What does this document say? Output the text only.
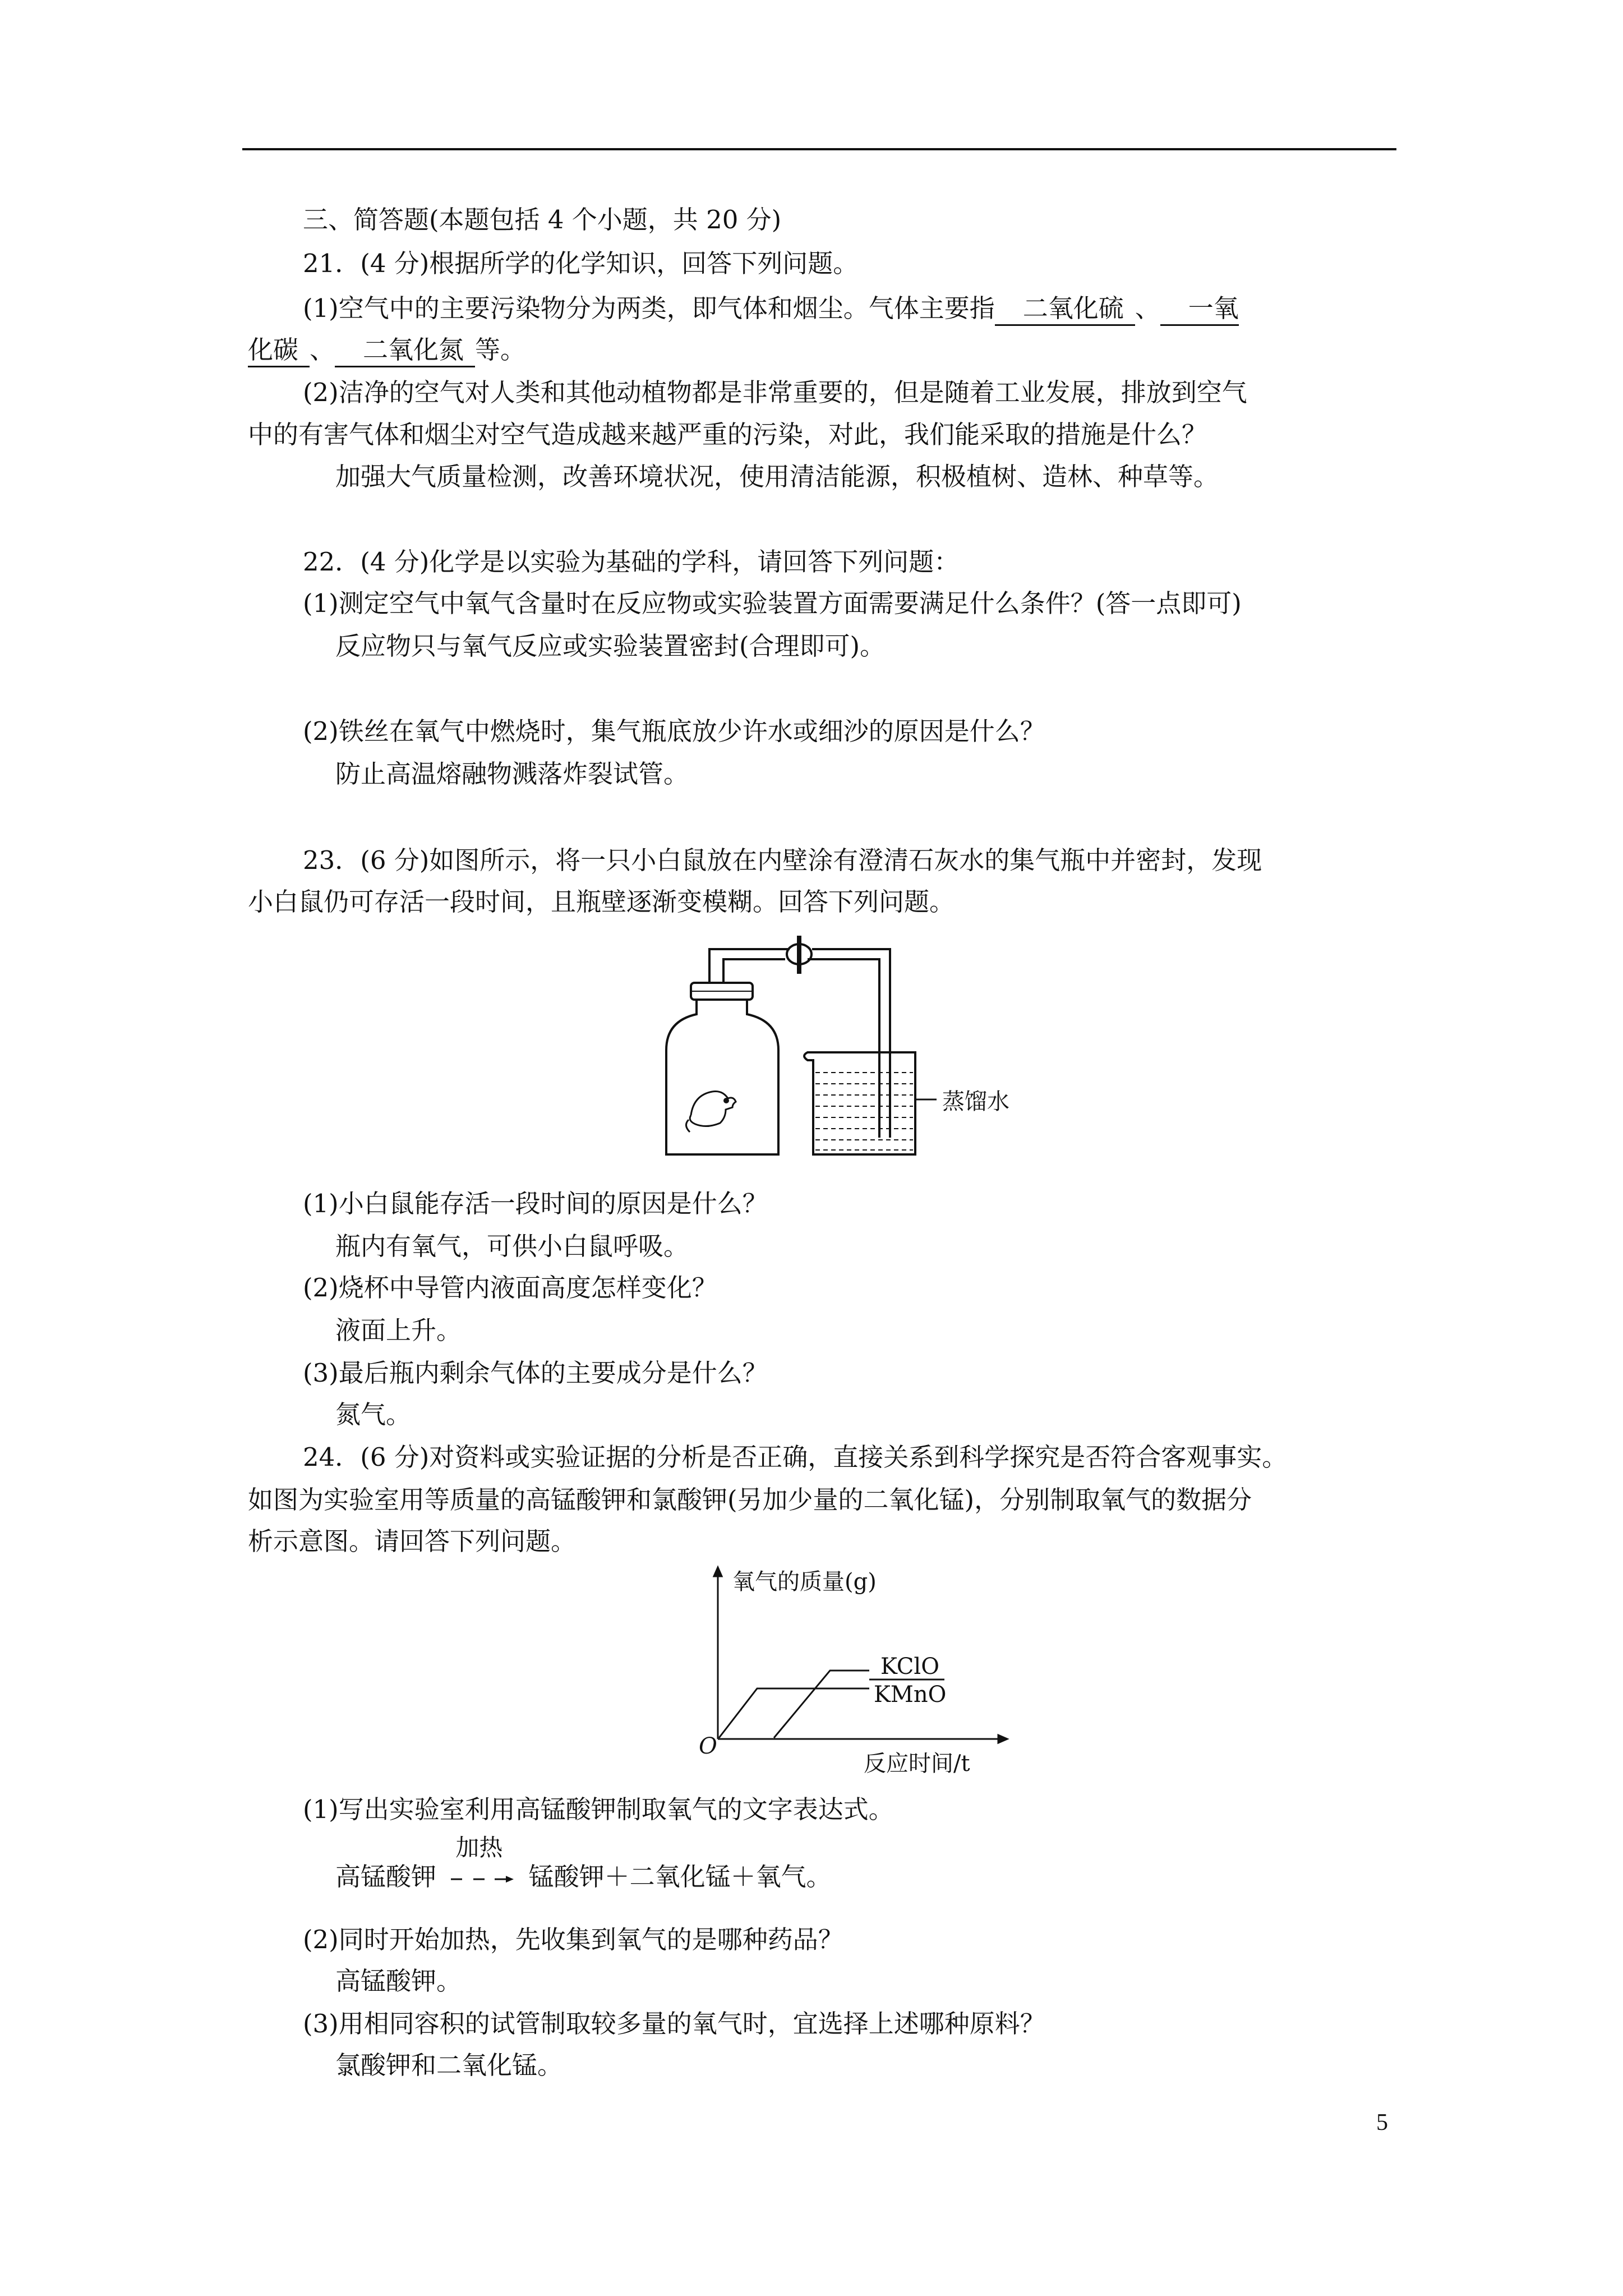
三、简答题(本题包括 4 个小题，共 20 分)
21．(4 分)根据所学的化学知识，回答下列问题。
(1)空气中的主要污染物分为两类，即气体和烟尘。气体主要指 二氧化硫 、 一氧
化碳 、 二氧化氮 等。
(2)洁净的空气对人类和其他动植物都是非常重要的，但是随着工业发展，排放到空气
中的有害气体和烟尘对空气造成越来越严重的污染，对此，我们能采取的措施是什么？
加强大气质量检测，改善环境状况，使用清洁能源，积极植树、造林、种草等。
22．(4 分)化学是以实验为基础的学科，请回答下列问题：
(1)测定空气中氧气含量时在反应物或实验装置方面需要满足什么条件？(答一点即可)
反应物只与氧气反应或实验装置密封(合理即可)。
(2)铁丝在氧气中燃烧时，集气瓶底放少许水或细沙的原因是什么？
防止高温熔融物溅落炸裂试管。
23．(6 分)如图所示，将一只小白鼠放在内壁涂有澄清石灰水的集气瓶中并密封，发现
小白鼠仍可存活一段时间，且瓶壁逐渐变模糊。回答下列问题。
蒸馏水
(1)小白鼠能存活一段时间的原因是什么？
瓶内有氧气，可供小白鼠呼吸。
(2)烧杯中导管内液面高度怎样变化？
液面上升。
(3)最后瓶内剩余气体的主要成分是什么？
氮气。
24．(6 分)对资料或实验证据的分析是否正确，直接关系到科学探究是否符合客观事实。
如图为实验室用等质量的高锰酸钾和氯酸钾(另加少量的二氧化锰)，分别制取氧气的数据分
析示意图。请回答下列问题。
氧气的质量(g)
反应时间/t
O
KClO
KMnO
(1)写出实验室利用高锰酸钾制取氧气的文字表达式。
高锰酸钾
加热
锰酸钾＋二氧化锰＋氧气。
(2)同时开始加热，先收集到氧气的是哪种药品？
高锰酸钾。
(3)用相同容积的试管制取较多量的氧气时，宜选择上述哪种原料？
氯酸钾和二氧化锰。
5
